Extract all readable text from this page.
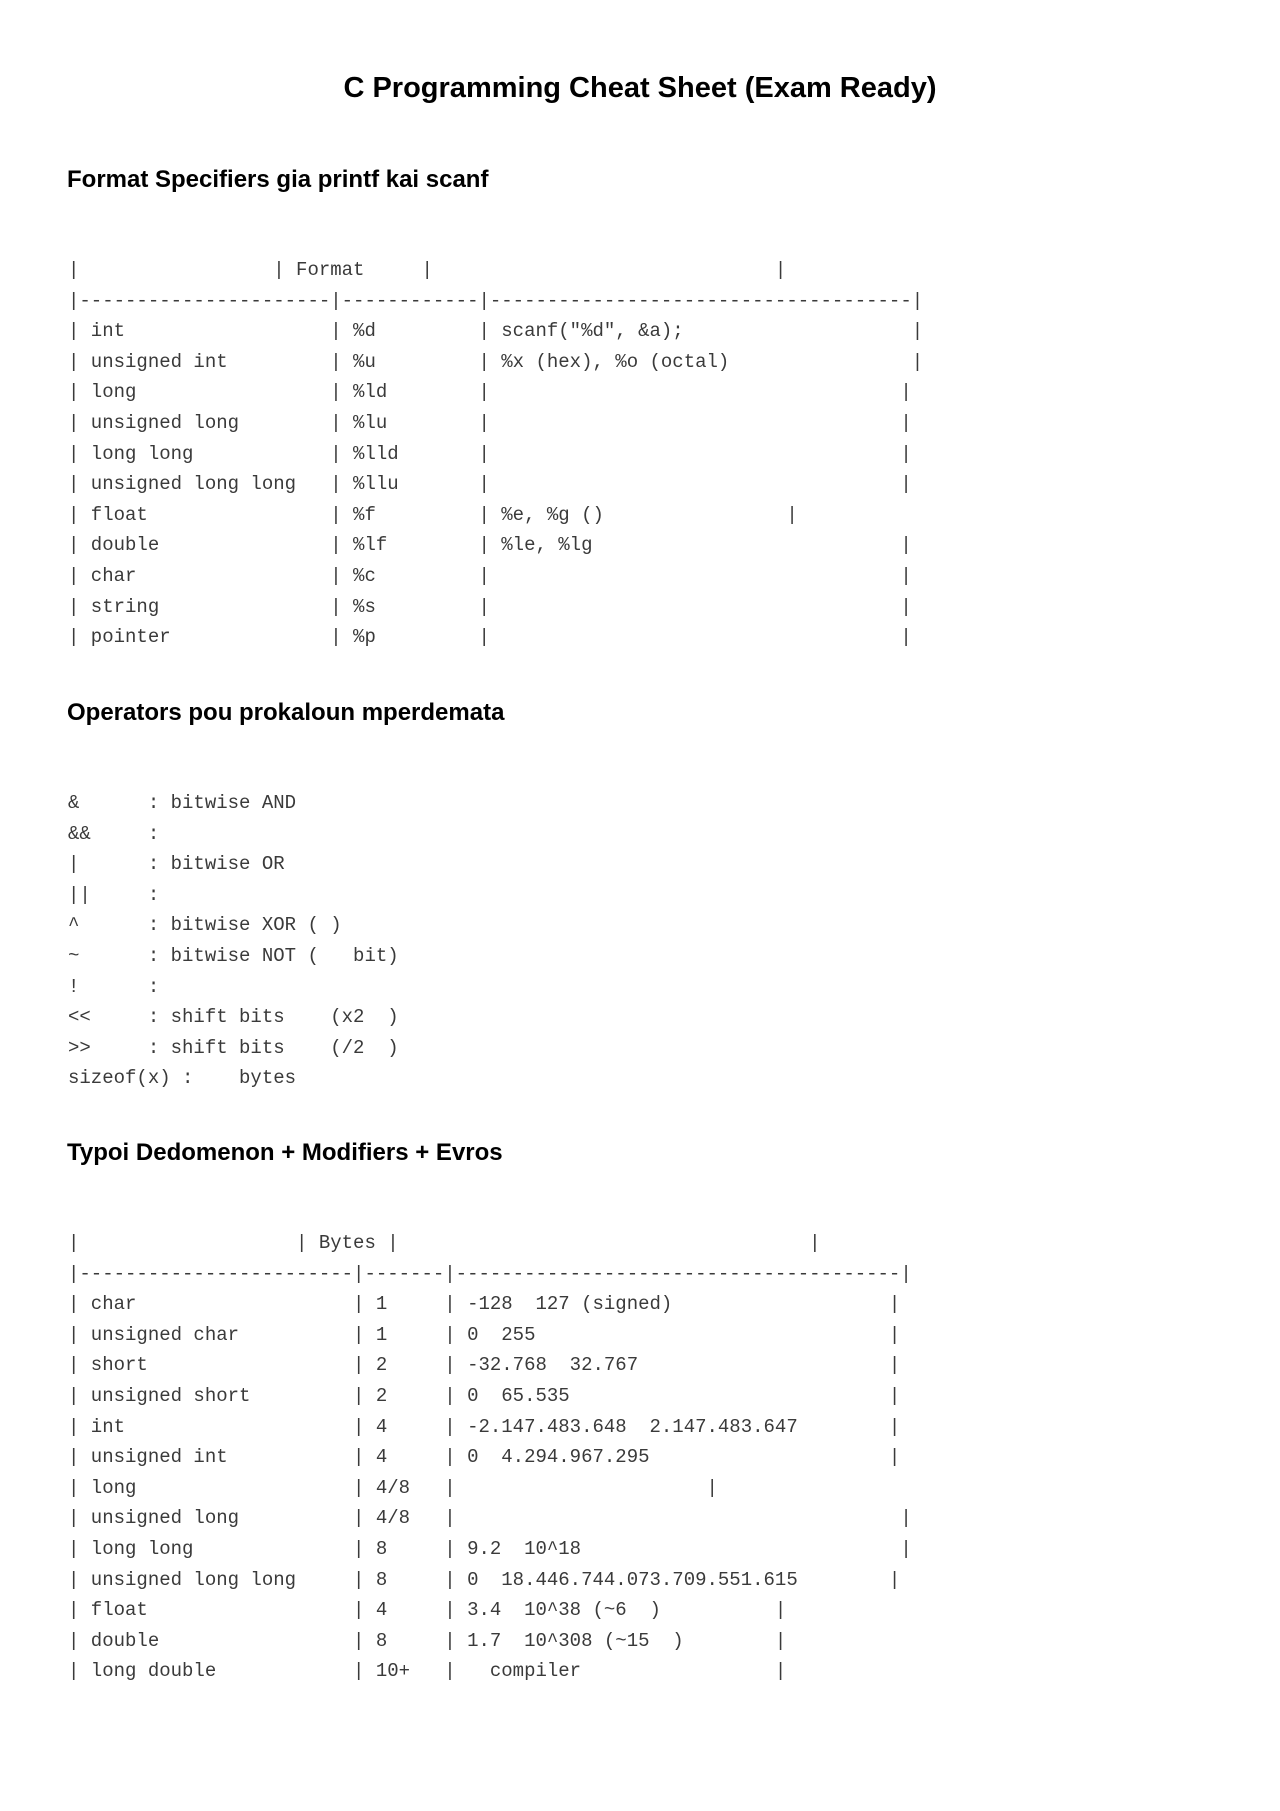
C Programming Cheat Sheet (Exam Ready)
Format Specifiers gia printf kai scanf
|                 | Format     |                              |
|----------------------|------------|-------------------------------------|
| int                  | %d         | scanf("%d", &a);                    |
| unsigned int         | %u         | %x (hex), %o (octal)                |
| long                 | %ld        |                                    |
| unsigned long        | %lu        |                                    |
| long long            | %lld       |                                    |
| unsigned long long   | %llu       |                                    |
| float                | %f         | %e, %g ()                |
| double               | %lf        | %le, %lg                           |
| char                 | %c         |                                    |
| string               | %s         |                                    |
| pointer              | %p         |                                    |
Operators pou prokaloun mperdemata
&      : bitwise AND
&&     :
|      : bitwise OR
||     :
^      : bitwise XOR ( )
~      : bitwise NOT (   bit)
!      :
<<     : shift bits    (x2  )
>>     : shift bits    (/2  )
sizeof(x) :    bytes
Typoi Dedomenon + Modifiers + Evros
|                   | Bytes |                                    |
|------------------------|-------|---------------------------------------|
| char                   | 1     | -128  127 (signed)                   |
| unsigned char          | 1     | 0  255                               |
| short                  | 2     | -32.768  32.767                      |
| unsigned short         | 2     | 0  65.535                            |
| int                    | 4     | -2.147.483.648  2.147.483.647        |
| unsigned int           | 4     | 0  4.294.967.295                     |
| long                   | 4/8   |                      |
| unsigned long          | 4/8   |                                       |
| long long              | 8     | 9.2  10^18                            |
| unsigned long long     | 8     | 0  18.446.744.073.709.551.615        |
| float                  | 4     | 3.4  10^38 (~6  )          |
| double                 | 8     | 1.7  10^308 (~15  )        |
| long double            | 10+   |   compiler                 |
